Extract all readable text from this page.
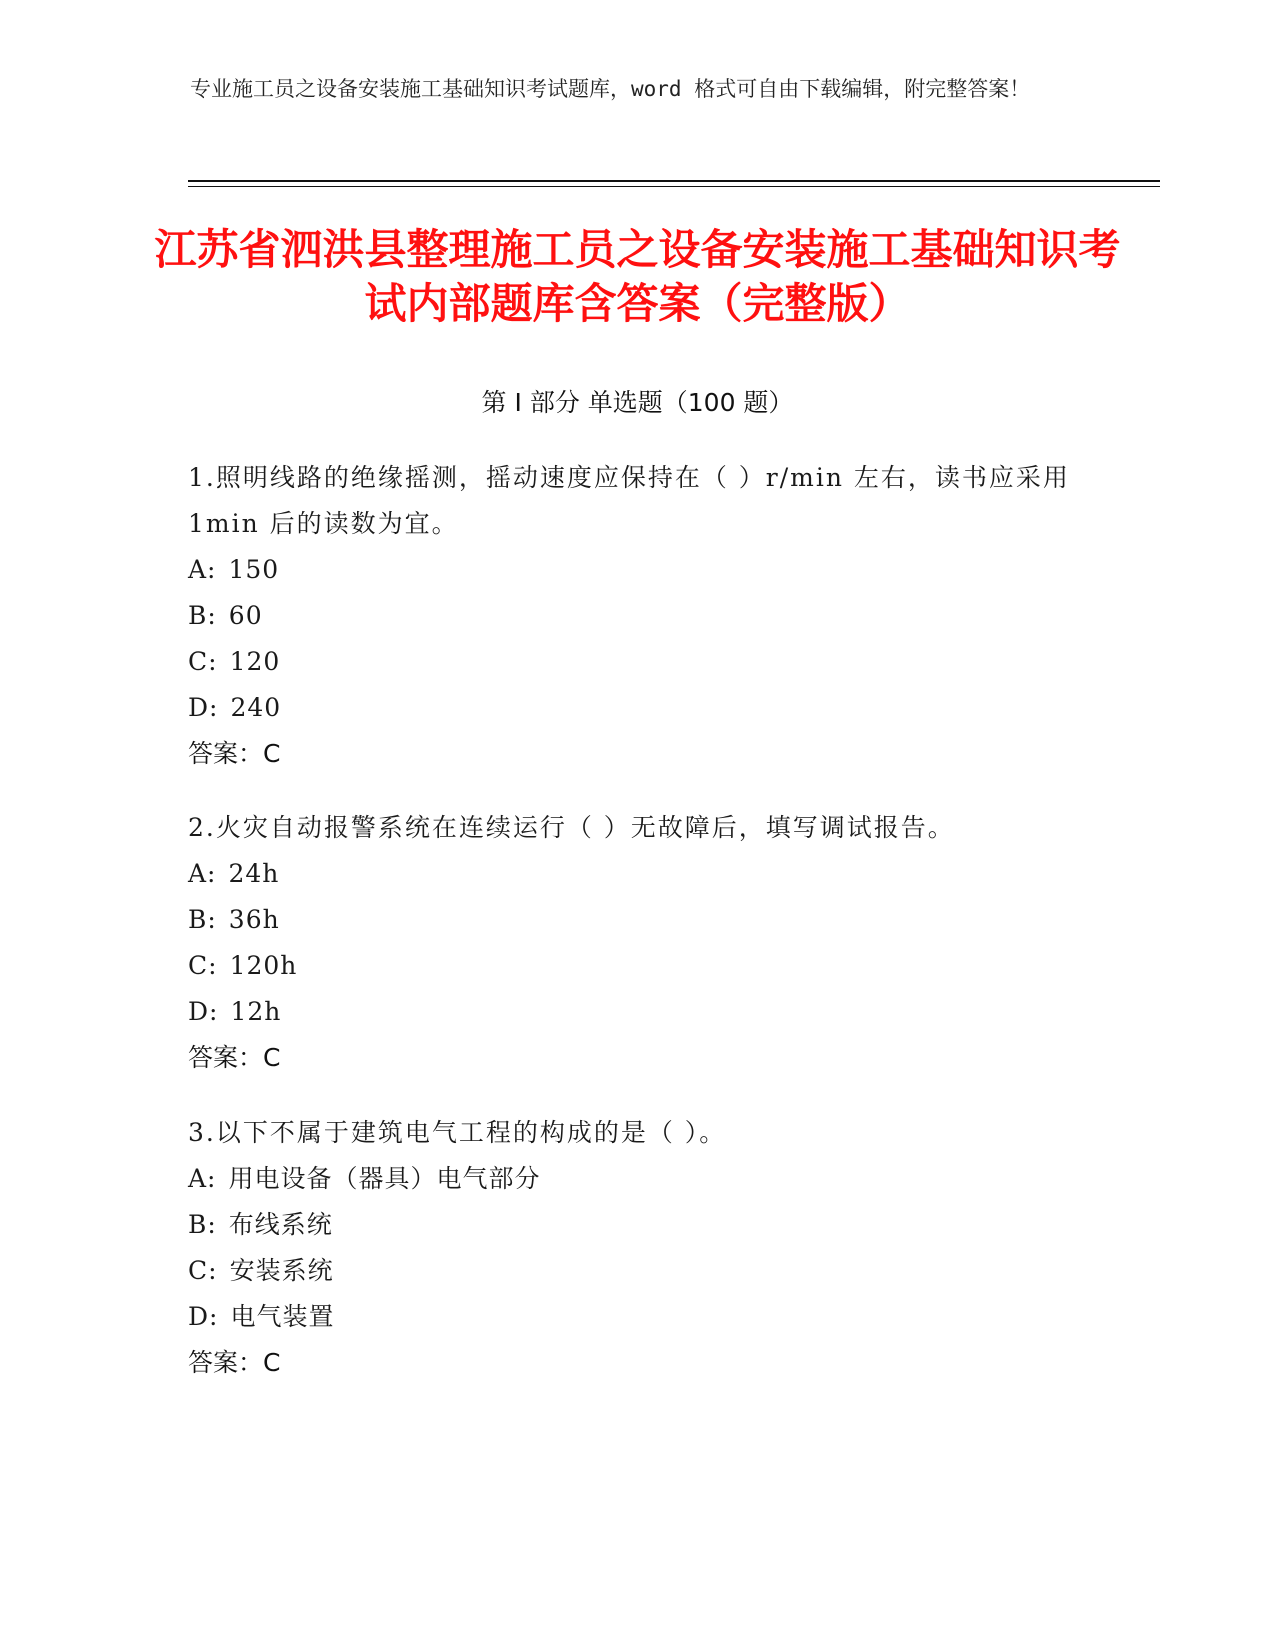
专业施工员之设备安装施工基础知识考试题库，word 格式可自由下载编辑，附完整答案！
江苏省泗洪县整理施工员之设备安装施工基础知识考试内部题库含答案（完整版）
第 I 部分 单选题（100 题）
1.照明线路的绝缘摇测，摇动速度应保持在（ ）r/min 左右，读书应采用 1min 后的读数为宜。
A: 150
B: 60
C: 120
D: 240
答案：C
2.火灾自动报警系统在连续运行（ ）无故障后，填写调试报告。
A: 24h
B: 36h
C: 120h
D: 12h
答案：C
3.以下不属于建筑电气工程的构成的是（ ）。
A: 用电设备（器具）电气部分
B: 布线系统
C: 安装系统
D: 电气装置
答案：C
